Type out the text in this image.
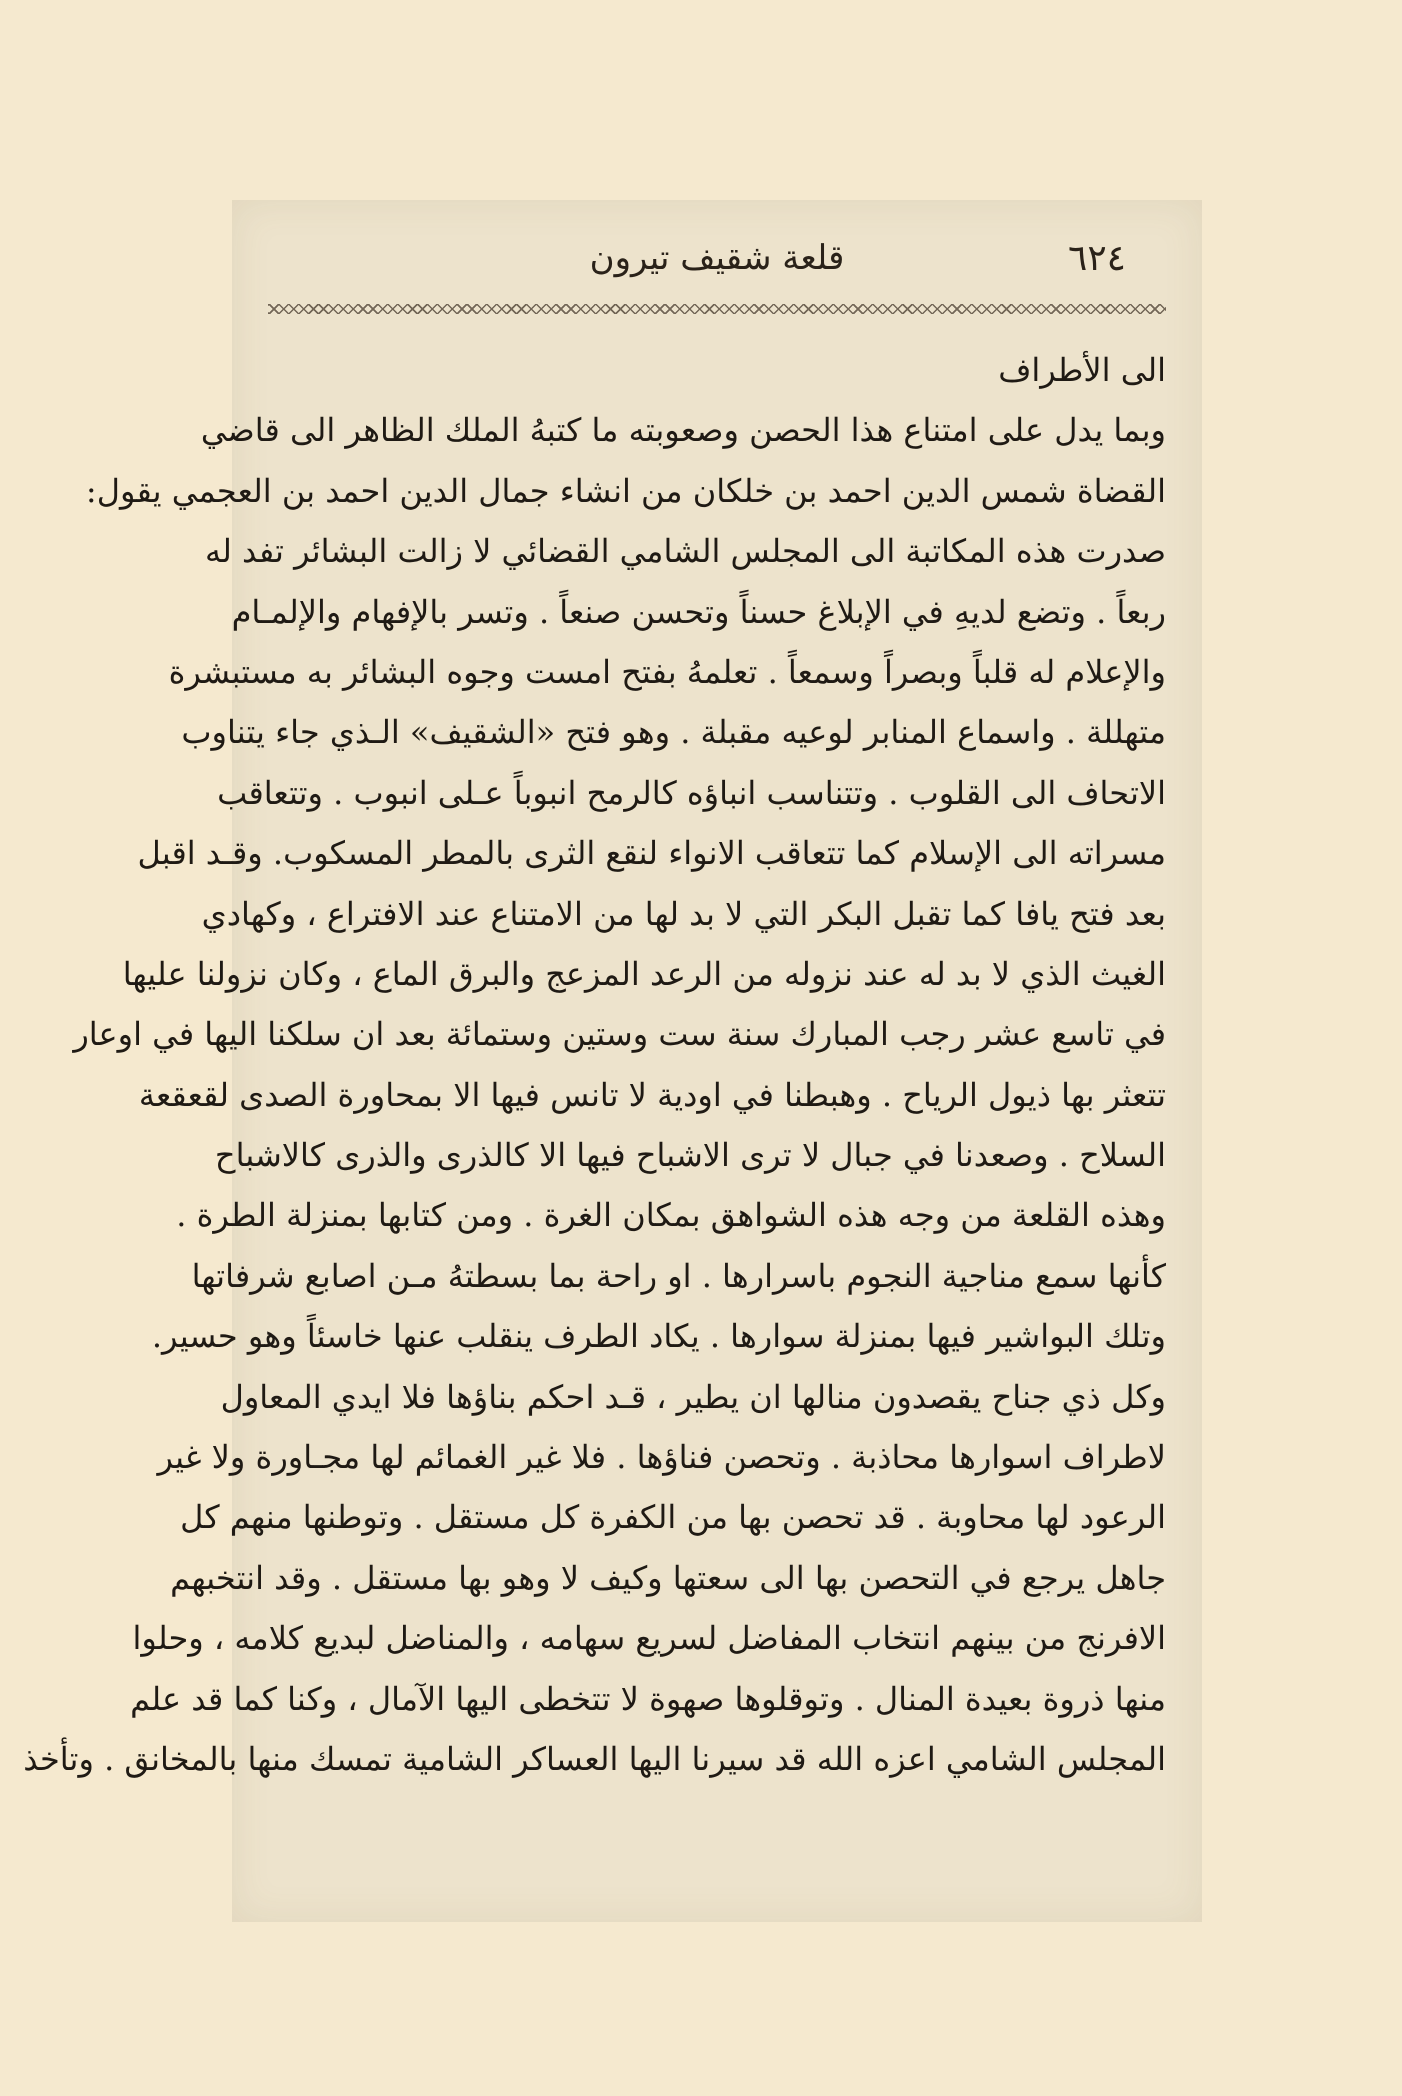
٦٢٤
قلعة شقيف تيرون
الى الأطراف
وبما يدل على امتناع هذا الحصن وصعوبته ما كتبهُ الملك الظاهر الى قاضي
القضاة شمس الدين احمد بن خلكان من انشاء جمال الدين احمد بن العجمي يقول:
صدرت هذه المكاتبة الى المجلس الشامي القضائي لا زالت البشائر تفد له
ربعاً . وتضع لديهِ في الإبلاغ حسناً وتحسن صنعاً . وتسر بالإفهام والإلمـام
والإعلام له قلباً وبصراً وسمعاً . تعلمهُ بفتح امست وجوه البشائر به مستبشرة
متهللة . واسماع المنابر لوعيه مقبلة . وهو فتح «الشقيف» الـذي جاء يتناوب
الاتحاف الى القلوب . وتتناسب انباؤه كالرمح انبوباً عـلى انبوب . وتتعاقب
مسراته الى الإسلام كما تتعاقب الانواء لنقع الثرى بالمطر المسكوب. وقـد اقبل
بعد فتح يافا كما تقبل البكر التي لا بد لها من الامتناع عند الافتراع ، وكهادي
الغيث الذي لا بد له عند نزوله من الرعد المزعج والبرق الماع ، وكان نزولنا عليها
في تاسع عشر رجب المبارك سنة ست وستين وستمائة بعد ان سلكنا اليها في اوعار
تتعثر بها ذيول الرياح . وهبطنا في اودية لا تانس فيها الا بمحاورة الصدى لقعقعة
السلاح . وصعدنا في جبال لا ترى الاشباح فيها الا كالذرى والذرى كالاشباح
وهذه القلعة من وجه هذه الشواهق بمكان الغرة . ومن كتابها بمنزلة الطرة .
كأنها سمع مناجية النجوم باسرارها . او راحة بما بسطتهُ مـن اصابع شرفاتها
وتلك البواشير فيها بمنزلة سوارها . يكاد الطرف ينقلب عنها خاسئاً وهو حسير.
وكل ذي جناح يقصدون منالها ان يطير ، قـد احكم بناؤها فلا ايدي المعاول
لاطراف اسوارها محاذبة . وتحصن فناؤها . فلا غير الغمائم لها مجـاورة ولا غير
الرعود لها محاوبة . قد تحصن بها من الكفرة كل مستقل . وتوطنها منهم كل
جاهل يرجع في التحصن بها الى سعتها وكيف لا وهو بها مستقل . وقد انتخبهم
الافرنج من بينهم انتخاب المفاضل لسريع سهامه ، والمناضل لبديع كلامه ، وحلوا
منها ذروة بعيدة المنال . وتوقلوها صهوة لا تتخطى اليها الآمال ، وكنا كما قد علم
المجلس الشامي اعزه الله قد سيرنا اليها العساكر الشامية تمسك منها بالمخانق . وتأخذ
